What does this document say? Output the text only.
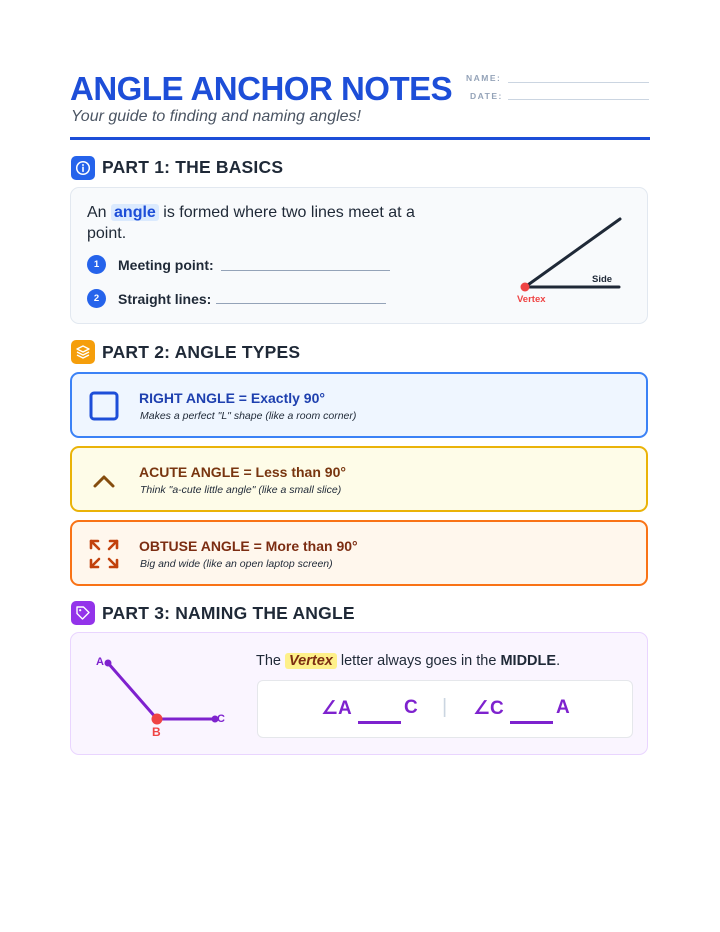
ANGLE ANCHOR NOTES
Your guide to finding and naming angles!
NAME:
DATE:
PART 1: THE BASICS
An angle is formed where two lines meet at a point.
1	Meeting point:
2	Straight lines:
Side
Vertex
PART 2: ANGLE TYPES
RIGHT ANGLE = Exactly 90°
Makes a perfect "L" shape (like a room corner)
ACUTE ANGLE = Less than 90°
Think "a-cute little angle" (like a small slice)
OBTUSE ANGLE = More than 90°
Big and wide (like an open laptop screen)
PART 3: NAMING THE ANGLE
A
B
C
The Vertex letter always goes in the MIDDLE.
∠A	C | ∠C	A
